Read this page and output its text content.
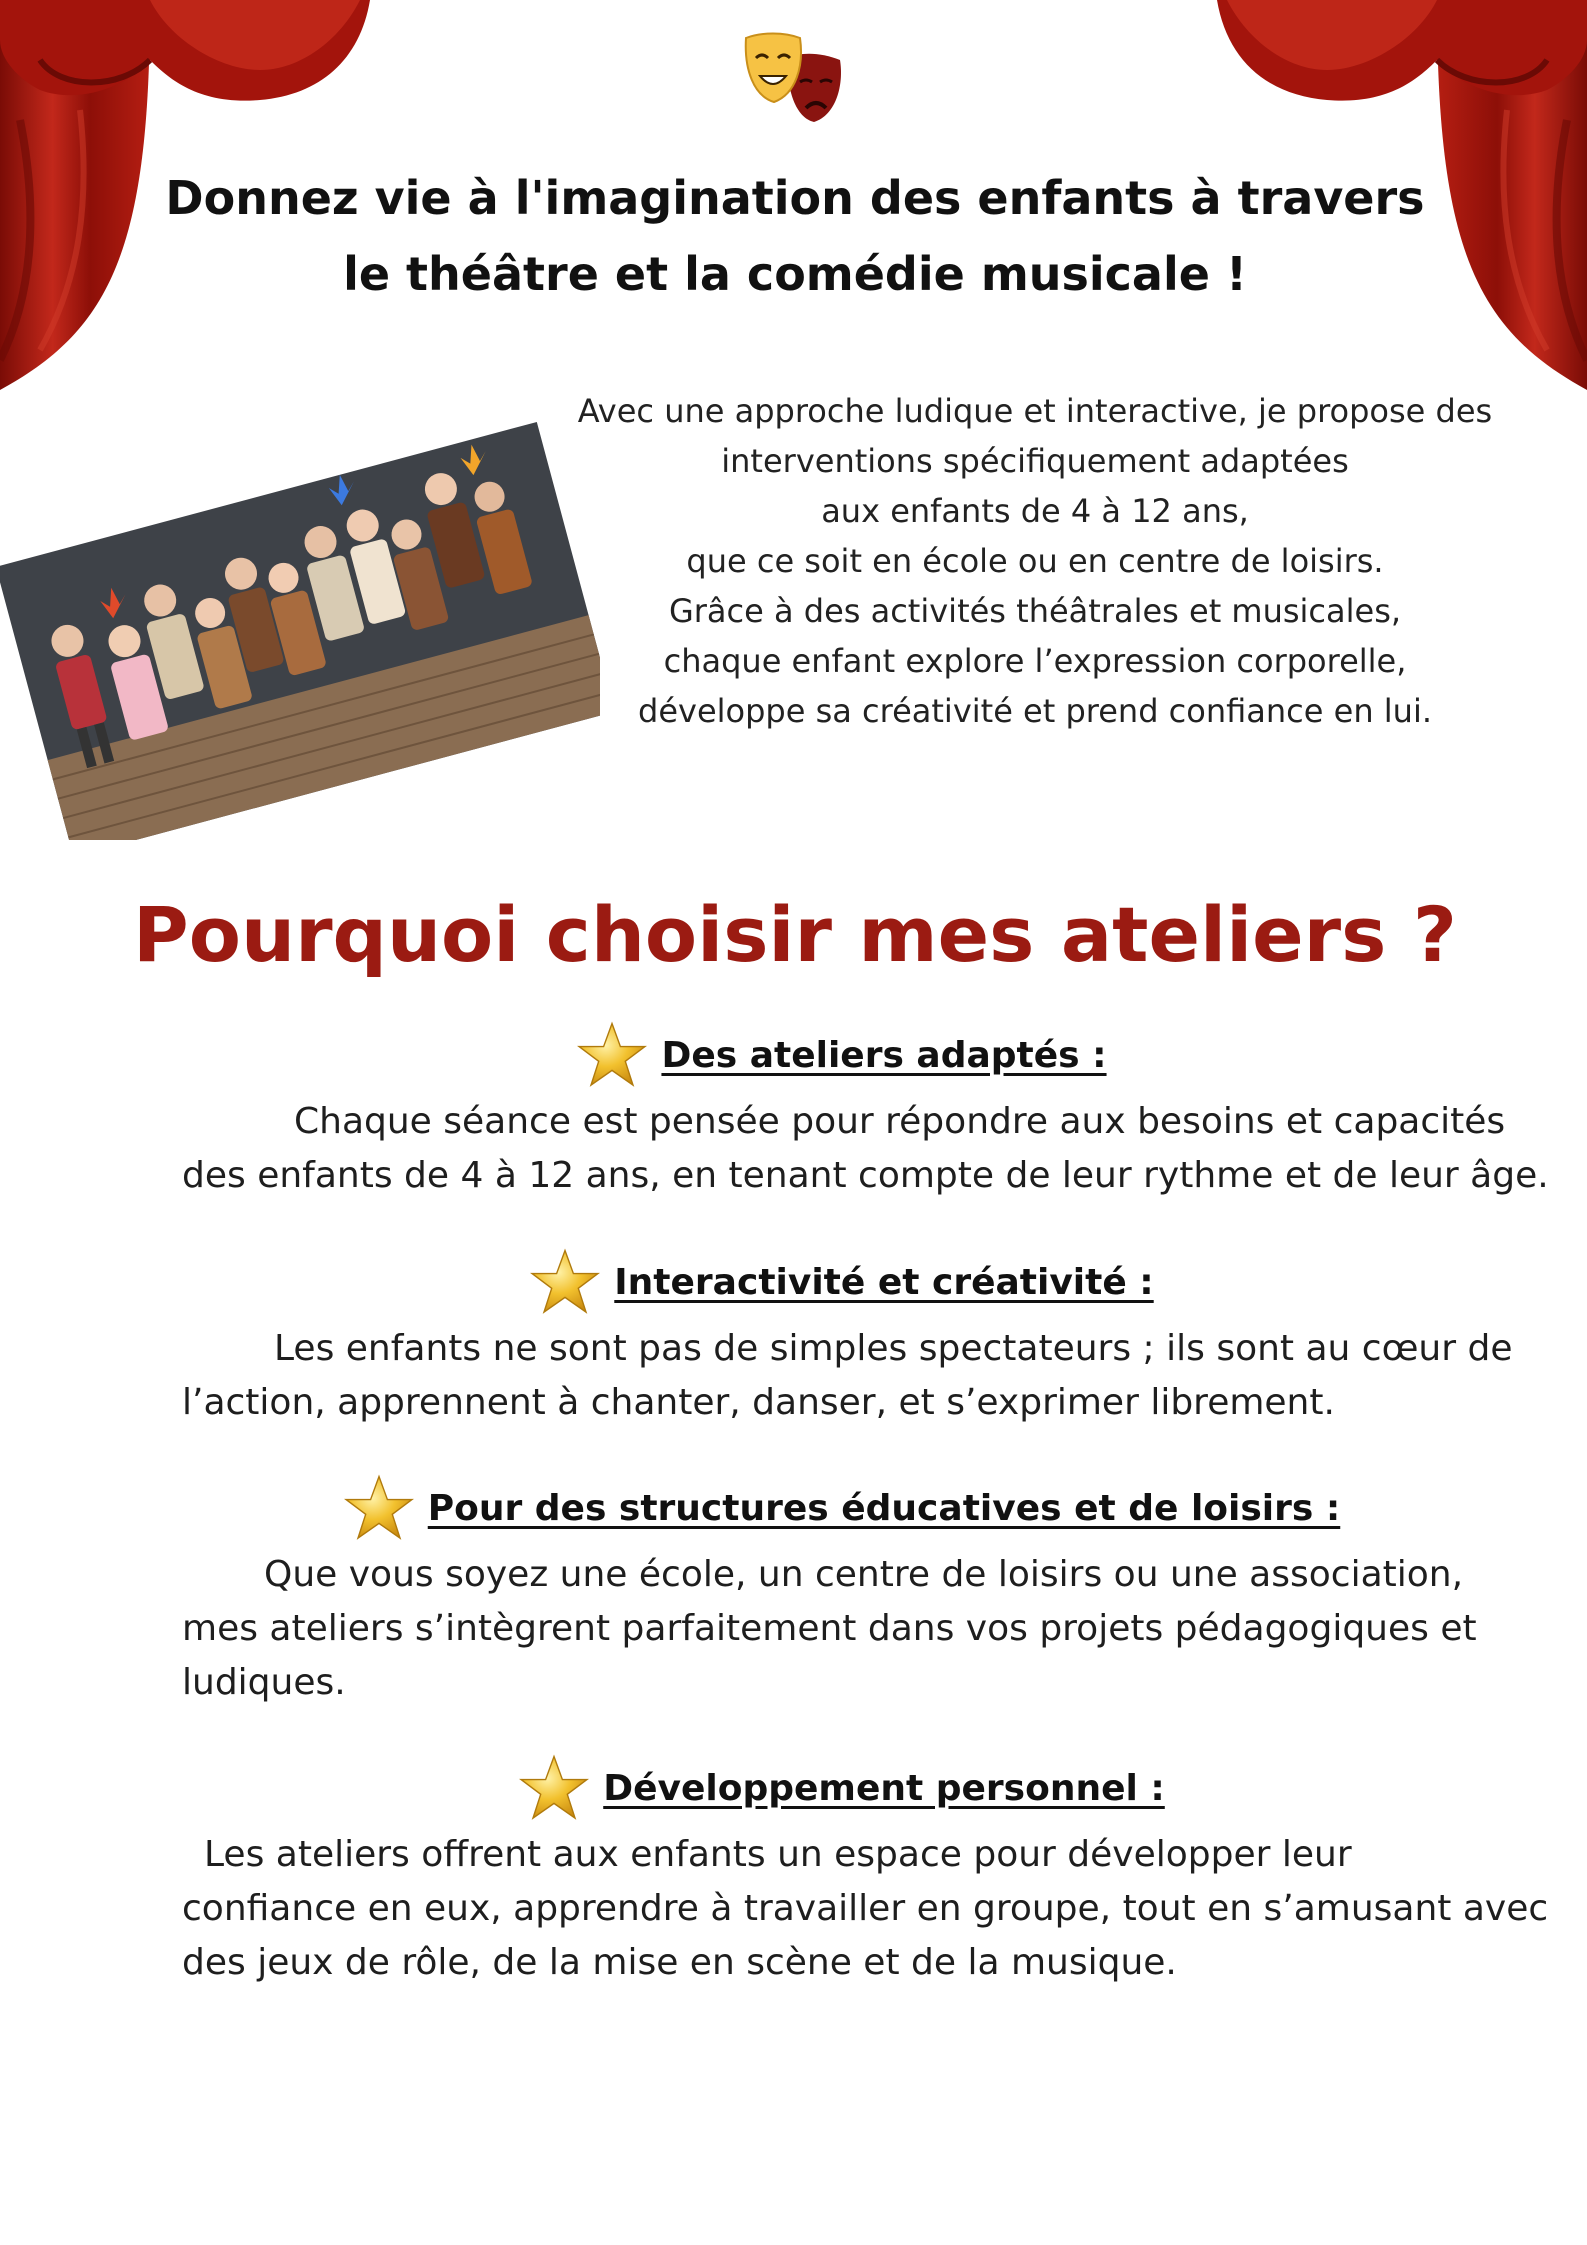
Donnez vie à l'imagination des enfants à travers
le théâtre et la comédie musicale !
Avec une approche ludique et interactive, je propose des
interventions spécifiquement adaptées
aux enfants de 4 à 12 ans,
que ce soit en école ou en centre de loisirs.
Grâce à des activités théâtrales et musicales,
chaque enfant explore l’expression corporelle,
développe sa créativité et prend confiance en lui.
Pourquoi choisir mes ateliers ?
Des ateliers adaptés :
Chaque séance est pensée pour répondre aux besoins et capacités
des enfants de 4 à 12 ans, en tenant compte de leur rythme et de leur âge.
Interactivité et créativité :
Les enfants ne sont pas de simples spectateurs ; ils sont au cœur de
l’action, apprennent à chanter, danser, et s’exprimer librement.
Pour des structures éducatives et de loisirs :
Que vous soyez une école, un centre de loisirs ou une association,
mes ateliers s’intègrent parfaitement dans vos projets pédagogiques et
ludiques.
Développement personnel :
Les ateliers offrent aux enfants un espace pour développer leur
confiance en eux, apprendre à travailler en groupe, tout en s’amusant avec
des jeux de rôle, de la mise en scène et de la musique.
